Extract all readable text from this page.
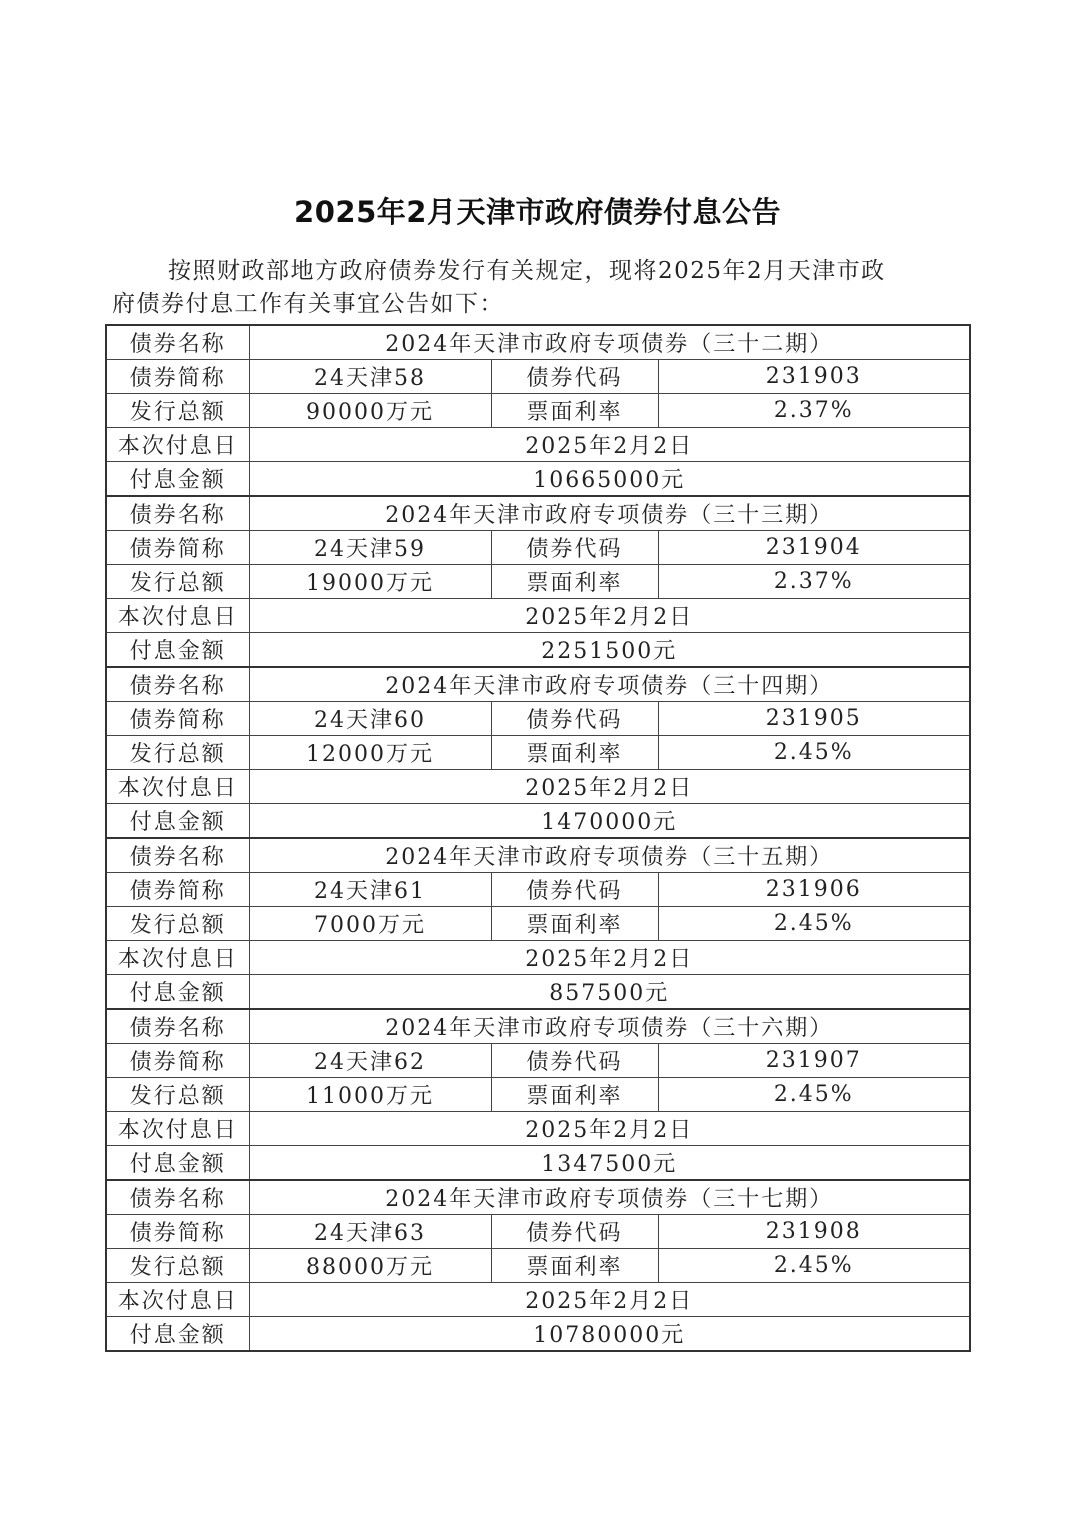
2025年2月天津市政府债券付息公告
按照财政部地方政府债券发行有关规定，现将2025年2月天津市政
府债券付息工作有关事宜公告如下：
债券名称	2024年天津市政府专项债券（三十二期）		
债券简称	24天津58	债券代码	231903
发行总额	90000万元	票面利率	2.37%
本次付息日	2025年2月2日		
付息金额	10665000元		
债券名称	2024年天津市政府专项债券（三十三期）		
债券简称	24天津59	债券代码	231904
发行总额	19000万元	票面利率	2.37%
本次付息日	2025年2月2日		
付息金额	2251500元		
债券名称	2024年天津市政府专项债券（三十四期）		
债券简称	24天津60	债券代码	231905
发行总额	12000万元	票面利率	2.45%
本次付息日	2025年2月2日		
付息金额	1470000元		
债券名称	2024年天津市政府专项债券（三十五期）		
债券简称	24天津61	债券代码	231906
发行总额	7000万元	票面利率	2.45%
本次付息日	2025年2月2日		
付息金额	857500元		
债券名称	2024年天津市政府专项债券（三十六期）		
债券简称	24天津62	债券代码	231907
发行总额	11000万元	票面利率	2.45%
本次付息日	2025年2月2日		
付息金额	1347500元		
债券名称	2024年天津市政府专项债券（三十七期）		
债券简称	24天津63	债券代码	231908
发行总额	88000万元	票面利率	2.45%
本次付息日	2025年2月2日		
付息金额	10780000元		
